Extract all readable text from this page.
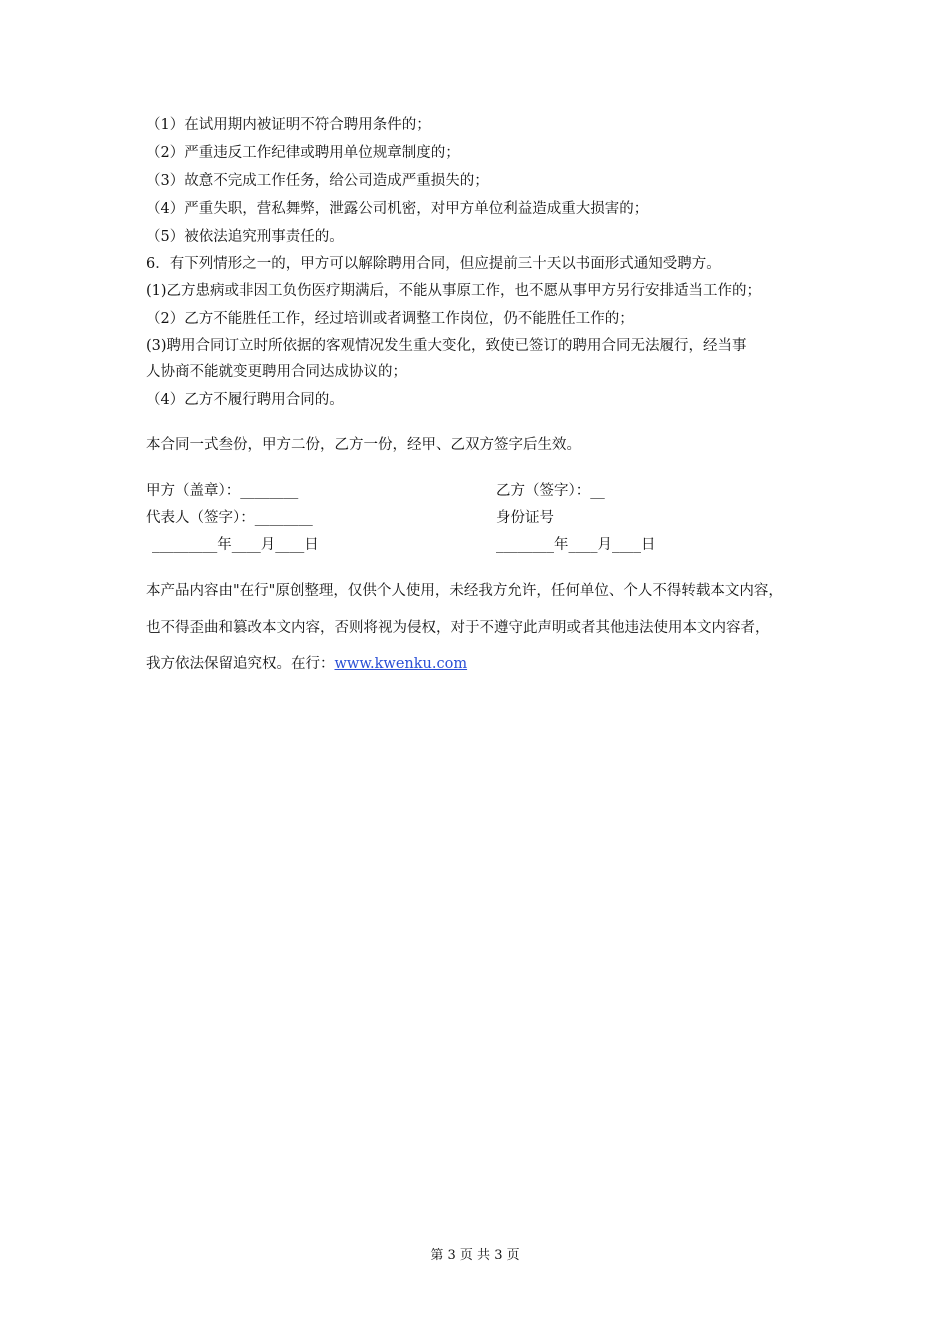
（1）在试用期内被证明不符合聘用条件的；
（2）严重违反工作纪律或聘用单位规章制度的；
（3）故意不完成工作任务，给公司造成严重损失的；
（4）严重失职，营私舞弊，泄露公司机密，对甲方单位利益造成重大损害的；
（5）被依法追究刑事责任的。
6．有下列情形之一的，甲方可以解除聘用合同，但应提前三十天以书面形式通知受聘方。
(1)乙方患病或非因工负伤医疗期满后，不能从事原工作，也不愿从事甲方另行安排适当工作的；
（2）乙方不能胜任工作，经过培训或者调整工作岗位，仍不能胜任工作的；
(3)聘用合同订立时所依据的客观情况发生重大变化，致使已签订的聘用合同无法履行，经当事
人协商不能就变更聘用合同达成协议的；
（4）乙方不履行聘用合同的。
本合同一式叁份，甲方二份，乙方一份，经甲、乙双方签字后生效。
甲方（盖章）：________	乙方（签字）：__
代表人（签字）：________	身份证号
_________年____月____日	________年____月____日
本产品内容由"在行"原创整理，仅供个人使用，未经我方允许，任何单位、个人不得转载本文内容，
也不得歪曲和篡改本文内容，否则将视为侵权，对于不遵守此声明或者其他违法使用本文内容者，
我方依法保留追究权。在行：www.kwenku.com
第 3 页 共 3 页
